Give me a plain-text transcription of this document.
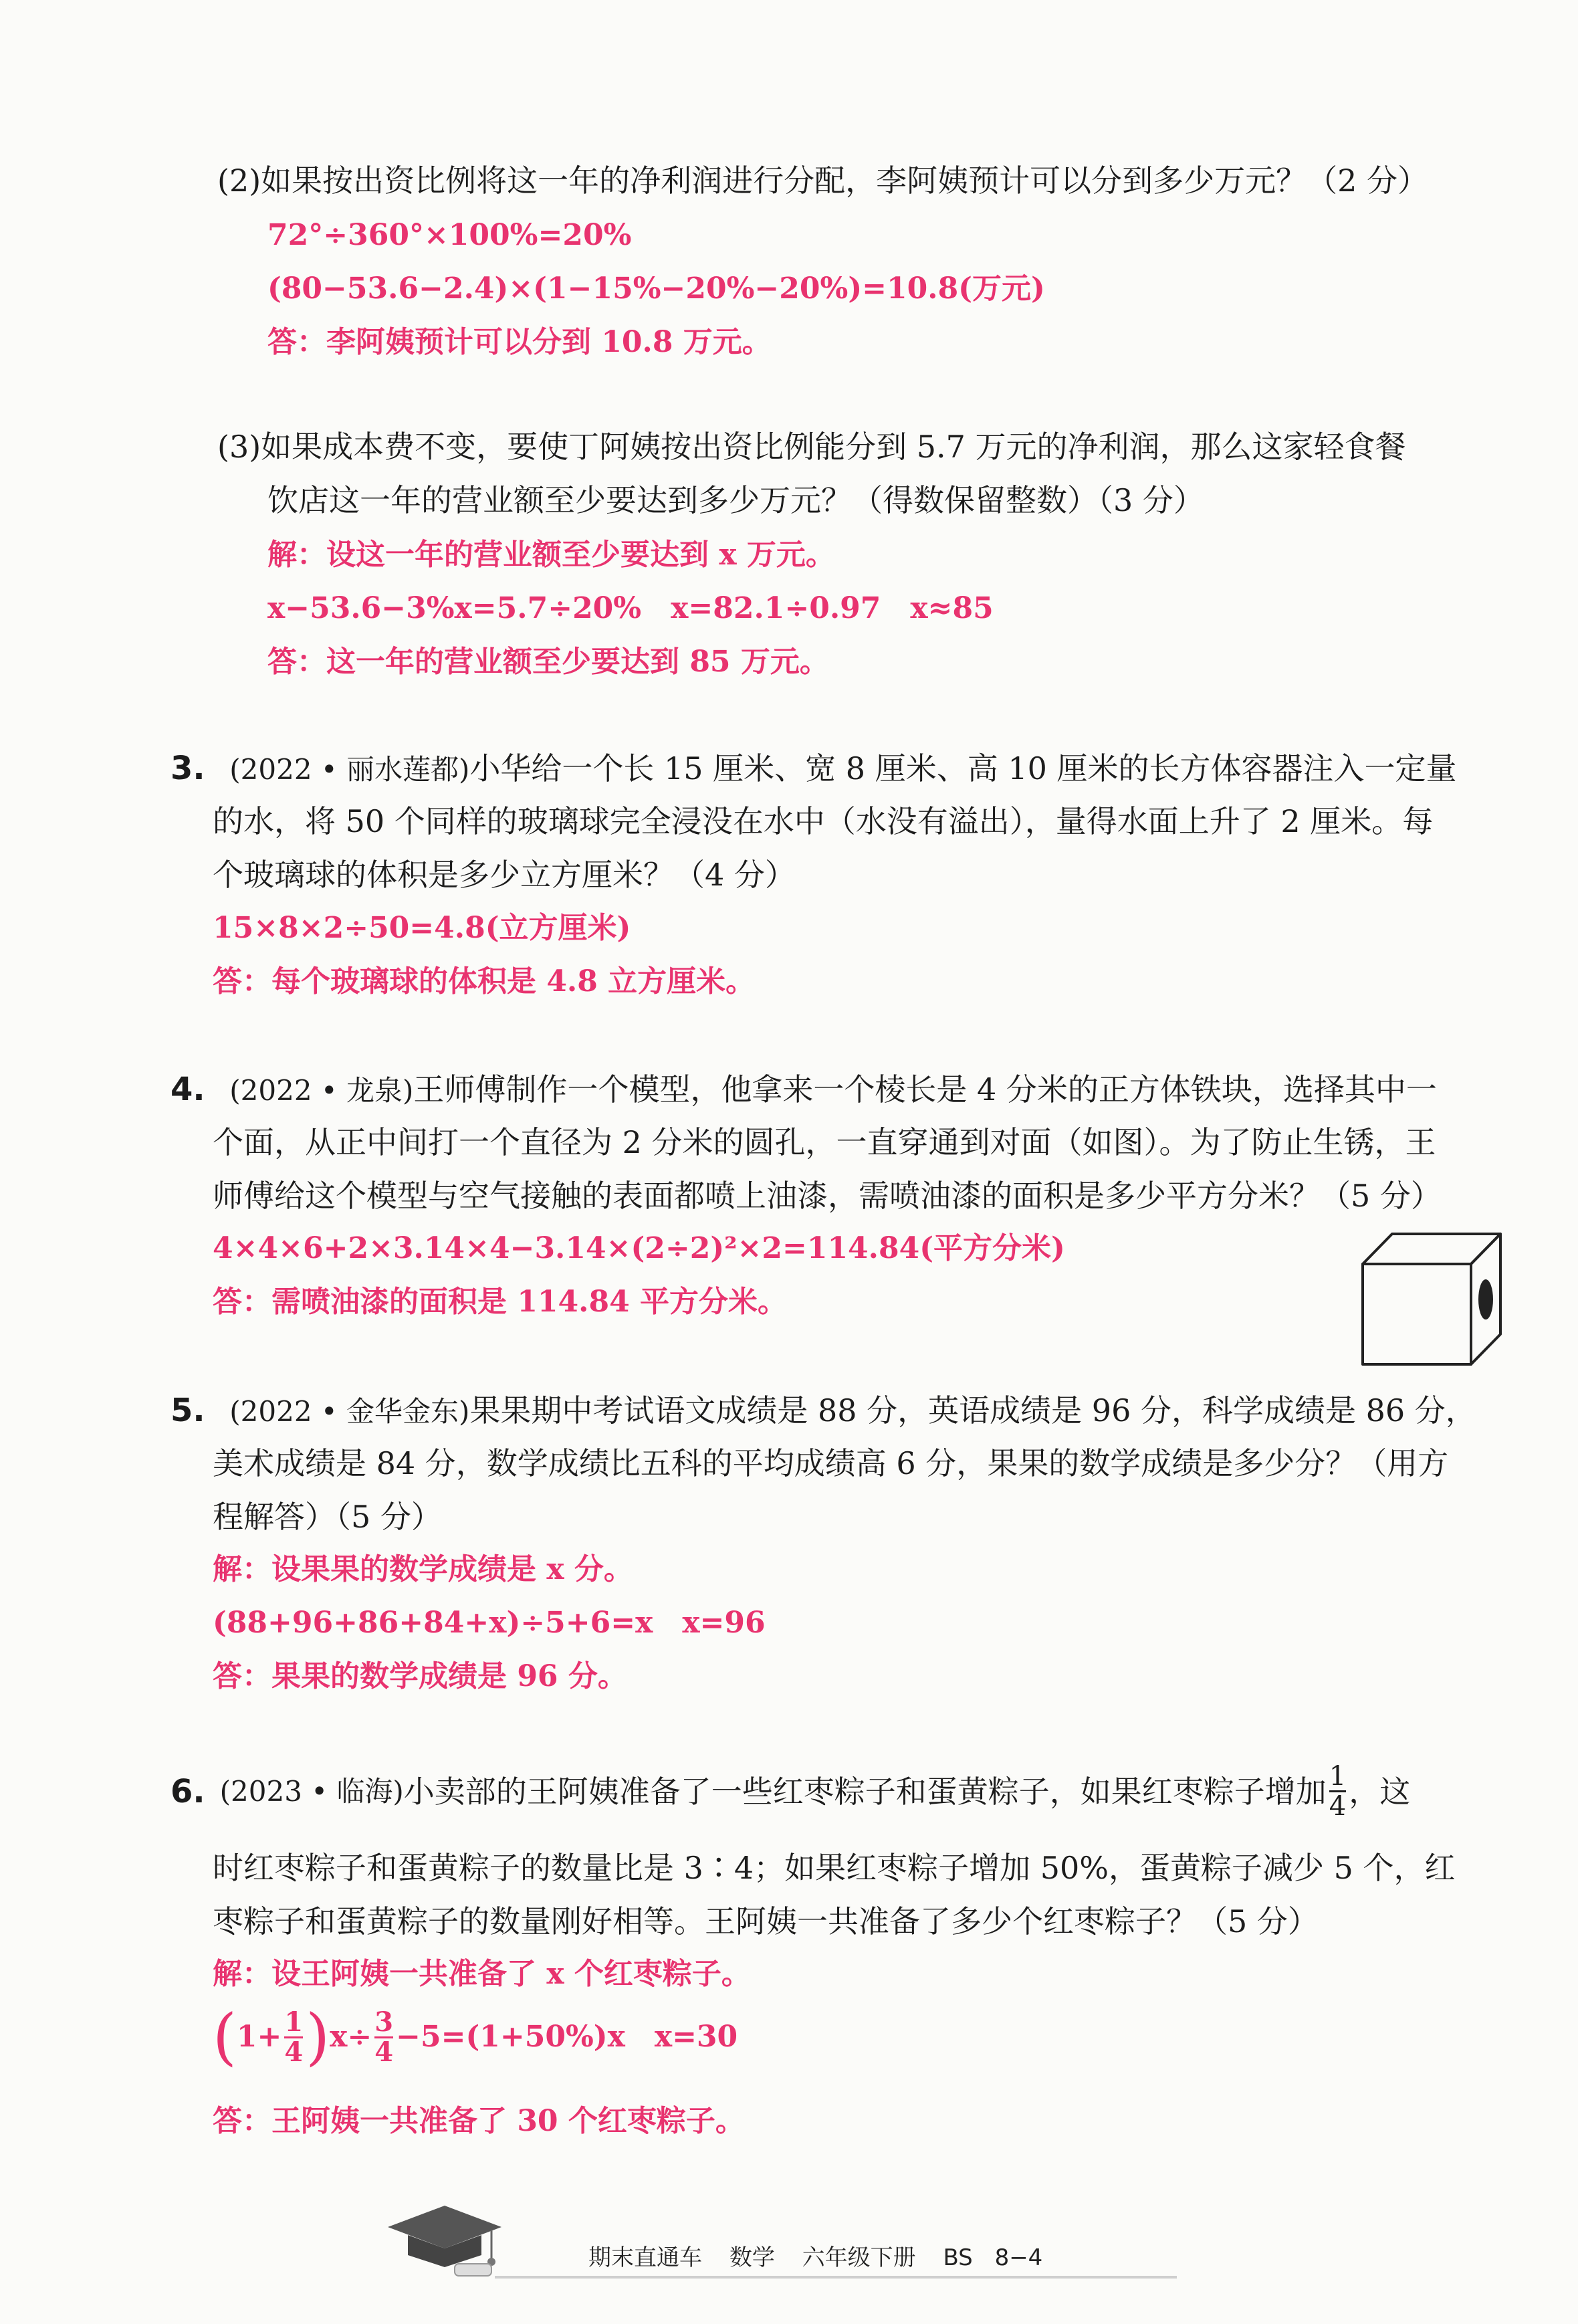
(2)如果按出资比例将这一年的净利润进行分配，李阿姨预计可以分到多少万元？（2 分）
72°÷360°×100%=20%
(80−53.6−2.4)×(1−15%−20%−20%)=10.8(万元)
答：李阿姨预计可以分到 10.8 万元。
(3)如果成本费不变，要使丁阿姨按出资比例能分到 5.7 万元的净利润，那么这家轻食餐
饮店这一年的营业额至少要达到多少万元？（得数保留整数）（3 分）
解：设这一年的营业额至少要达到 x 万元。
x−53.6−3%x=5.7÷20%　x=82.1÷0.97　x≈85
答：这一年的营业额至少要达到 85 万元。
3. (2022 • 丽水莲都)小华给一个长 15 厘米、宽 8 厘米、高 10 厘米的长方体容器注入一定量
的水，将 50 个同样的玻璃球完全浸没在水中（水没有溢出），量得水面上升了 2 厘米。每
个玻璃球的体积是多少立方厘米？（4 分）
15×8×2÷50=4.8(立方厘米)
答：每个玻璃球的体积是 4.8 立方厘米。
4. (2022 • 龙泉)王师傅制作一个模型，他拿来一个棱长是 4 分米的正方体铁块，选择其中一
个面，从正中间打一个直径为 2 分米的圆孔，一直穿通到对面（如图）。为了防止生锈，王
师傅给这个模型与空气接触的表面都喷上油漆，需喷油漆的面积是多少平方分米？（5 分）
4×4×6+2×3.14×4−3.14×(2÷2)²×2=114.84(平方分米)
答：需喷油漆的面积是 114.84 平方分米。
5. (2022 • 金华金东)果果期中考试语文成绩是 88 分，英语成绩是 96 分，科学成绩是 86 分，
美术成绩是 84 分，数学成绩比五科的平均成绩高 6 分，果果的数学成绩是多少分？（用方
程解答）（5 分）
解：设果果的数学成绩是 x 分。
(88+96+86+84+x)÷5+6=x　x=96
答：果果的数学成绩是 96 分。
6. (2023 • 临海) 小卖部的王阿姨准备了一些红枣粽子和蛋黄粽子，如果红枣粽子增加 $\frac{1}{4}$ ，这
时红枣粽子和蛋黄粽子的数量比是 3∶4；如果红枣粽子增加 50%，蛋黄粽子减少 5 个，红
枣粽子和蛋黄粽子的数量刚好相等。王阿姨一共准备了多少个红枣粽子？（5 分）
解：设王阿姨一共准备了 x 个红枣粽子。
( $1+ \frac{1}{4}$ ) $x\div \frac{3}{4} -5=(1+50\%)x$　x=30
答：王阿姨一共准备了 30 个红枣粽子。
期末直通车 数学 六年级下册 BS 8−4
